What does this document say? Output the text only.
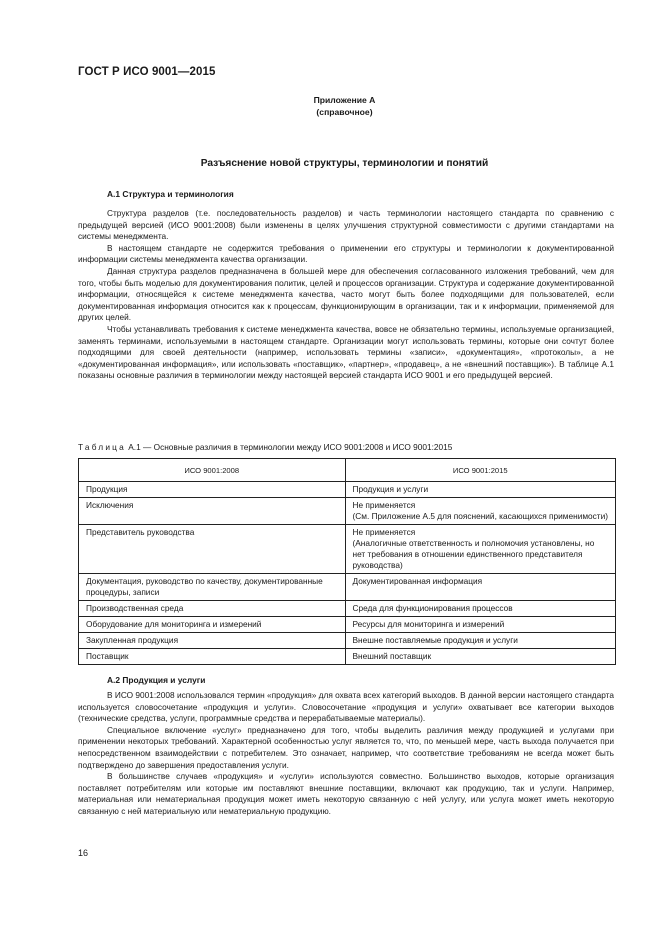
ГОСТ Р ИСО 9001—2015
Приложение А
(справочное)
Разъяснение новой структуры, терминологии и понятий
А.1 Структура и терминология

Структура разделов (т.е. последовательность разделов) и часть терминологии настоящего стандарта по сравнению с предыдущей версией (ИСО 9001:2008) были изменены в целях улучшения структурной совместимости с другими стандартами на системы менеджмента.

В настоящем стандарте не содержится требования о применении его структуры и терминологии к документированной информации системы менеджмента качества организации.

Данная структура разделов предназначена в большей мере для обеспечения согласованного изложения требований, чем для того, чтобы быть моделью для документирования политик, целей и процессов организации. Структура и содержание документированной информации, относящейся к системе менеджмента качества, часто могут быть более подходящими для пользователей, если документированная информация относится как к процессам, функционирующим в организации, так и к информации, применяемой для других целей.

Чтобы устанавливать требования к системе менеджмента качества, вовсе не обязательно термины, используемые организацией, заменять терминами, используемыми в настоящем стандарте. Организации могут использовать термины, которые они сочтут более подходящими для своей деятельности (например, использовать термины «записи», «документация», «протоколы», а не «документированная информация», или использовать «поставщик», «партнер», «продавец», а не «внешний поставщик»). В таблице А.1 показаны основные различия в терминологии между настоящей версией стандарта ИСО 9001 и его предыдущей версией.

Таблица А.1 — Основные различия в терминологии между ИСО 9001:2008 и ИСО 9001:2015
ИСО 9001:2008	ИСО 9001:2015
Продукция	Продукция и услуги
Исключения	Не применяется
(См. Приложение А.5 для пояснений, касающихся применимости)
Представитель руководства	Не применяется
(Аналогичные ответственность и полномочия установлены, но нет требования в отношении единственного представителя руководства)
Документация, руководство по качеству, документированные процедуры, записи	Документированная информация
Производственная среда	Среда для функционирования процессов
Оборудование для мониторинга и измерений	Ресурсы для мониторинга и измерений
Закупленная продукция	Внешне поставляемые продукция и услуги
Поставщик	Внешний поставщик
А.2 Продукция и услуги

В ИСО 9001:2008 использовался термин «продукция» для охвата всех категорий выходов. В данной версии настоящего стандарта используется словосочетание «продукция и услуги». Словосочетание «продукция и услуги» охватывает все категории выходов (технические средства, услуги, программные средства и перерабатываемые материалы).

Специальное включение «услуг» предназначено для того, чтобы выделить различия между продукцией и услугами при применении некоторых требований. Характерной особенностью услуг является то, что, по меньшей мере, часть выхода получается при непосредственном взаимодействии с потребителем. Это означает, например, что соответствие требованиям не всегда может быть подтверждено до завершения предоставления услуги.

В большинстве случаев «продукция» и «услуги» используются совместно. Большинство выходов, которые организация поставляет потребителям или которые им поставляют внешние поставщики, включают как продукцию, так и услуги. Например, материальная или нематериальная продукция может иметь некоторую связанную с ней услугу, или услуга может иметь некоторую связанную с ней материальную или нематериальную продукцию.

16
